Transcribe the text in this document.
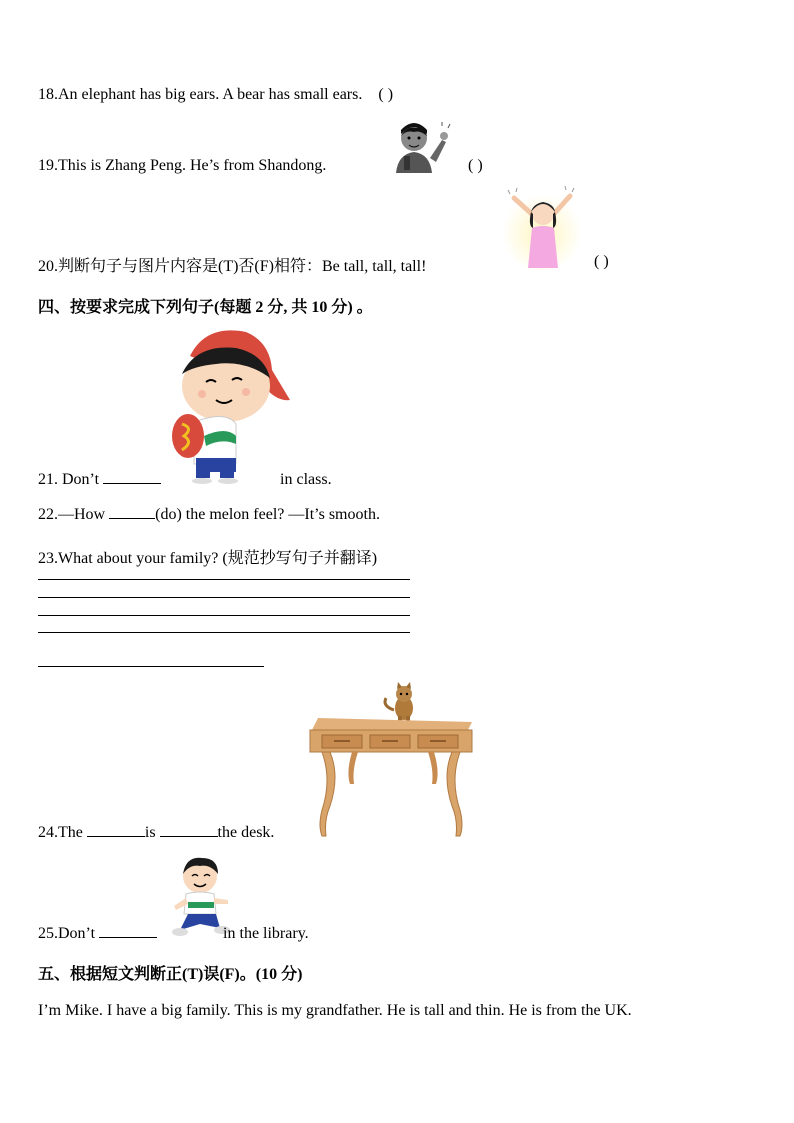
18.An elephant has big ears. A bear has small ears. ( )
19.This is Zhang Peng. He’s from Shandong.	( )
20.判断句子与图片内容是(T)否(F)相符：Be tall, tall, tall!	( )
四、按要求完成下列句子(每题 2 分, 共 10 分) 。
21. Don’t	in class.
22.—How	(do) the melon feel? —It’s smooth.
23.What about your family? (规范抄写句子并翻译)
24.The	is	the desk.
25.Don’t	in the library.
五、根据短文判断正(T)误(F)。(10 分)
I’m Mike. I have a big family. This is my grandfather. He is tall and thin. He is from the UK.
